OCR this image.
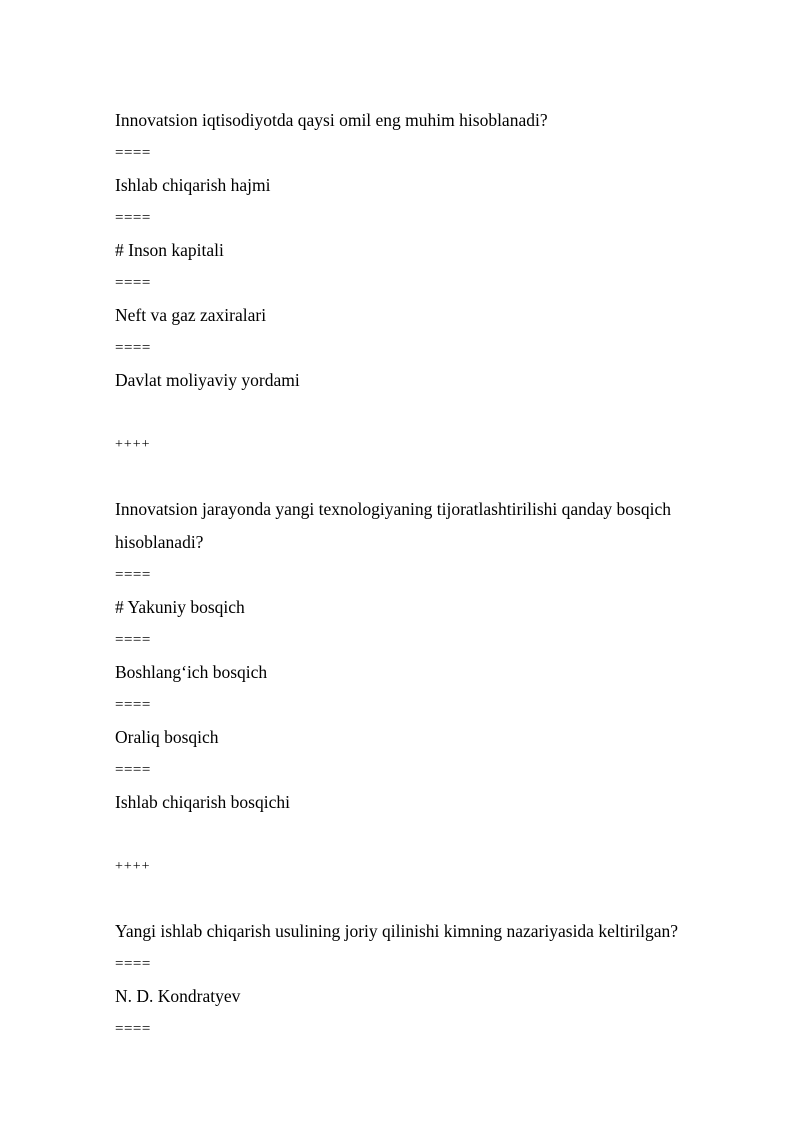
Innovatsion iqtisodiyotda qaysi omil eng muhim hisoblanadi?
====
Ishlab chiqarish hajmi
====
# Inson kapitali
====
Neft va gaz zaxiralari
====
Davlat moliyaviy yordami
++++
Innovatsion jarayonda yangi texnologiyaning tijoratlashtirilishi qanday bosqich
hisoblanadi?
====
# Yakuniy bosqich
====
Boshlang‘ich bosqich
====
Oraliq bosqich
====
Ishlab chiqarish bosqichi
++++
Yangi ishlab chiqarish usulining joriy qilinishi kimning nazariyasida keltirilgan?
====
N. D. Kondratyev
====
